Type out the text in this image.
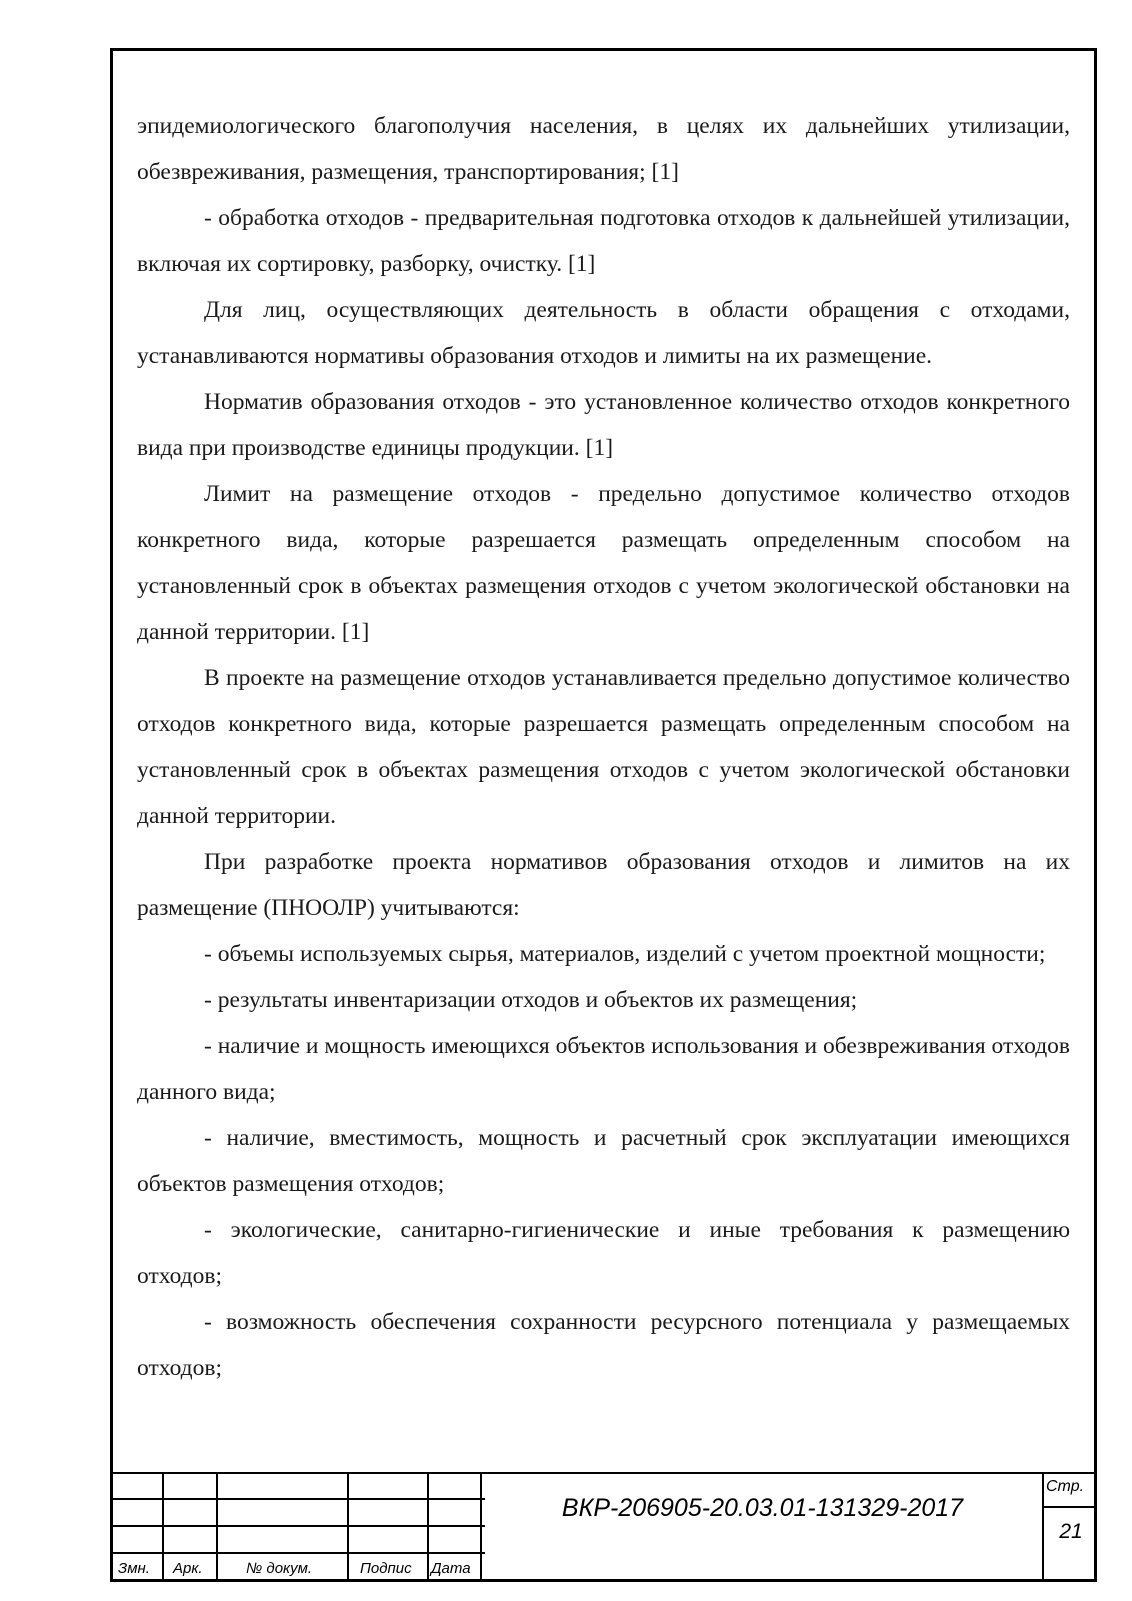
эпидемиологического благополучия населения, в целях их дальнейших утилизации, обезвреживания, размещения, транспортирования; [1]

- обработка отходов - предварительная подготовка отходов к дальнейшей утилизации, включая их сортировку, разборку, очистку. [1]

Для лиц, осуществляющих деятельность в области обращения с отходами, устанавливаются нормативы образования отходов и лимиты на их размещение.

Норматив образования отходов - это установленное количество отходов конкретного вида при производстве единицы продукции. [1]

Лимит на размещение отходов - предельно допустимое количество отходов конкретного вида, которые разрешается размещать определенным способом на установленный срок в объектах размещения отходов с учетом экологической обстановки на данной территории. [1]

В проекте на размещение отходов устанавливается предельно допустимое количество отходов конкретного вида, которые разрешается размещать определенным способом на установленный срок в объектах размещения отходов с учетом экологической обстановки данной территории.

При разработке проекта нормативов образования отходов и лимитов на их размещение (ПНООЛР) учитываются:

- объемы используемых сырья, материалов, изделий с учетом проектной мощности;

- результаты инвентаризации отходов и объектов их размещения;

- наличие и мощность имеющихся объектов использования и обезвреживания отходов данного вида;

- наличие, вместимость, мощность и расчетный срок эксплуатации имеющихся объектов размещения отходов;

- экологические, санитарно-гигиенические и иные требования к размещению отходов;

- возможность обеспечения сохранности ресурсного потенциала у размещаемых отходов;

Змн. Арк.	№ докум.	Подпис Дата
ВКР-206905-20.03.01-131329-2017
Стр.
21
